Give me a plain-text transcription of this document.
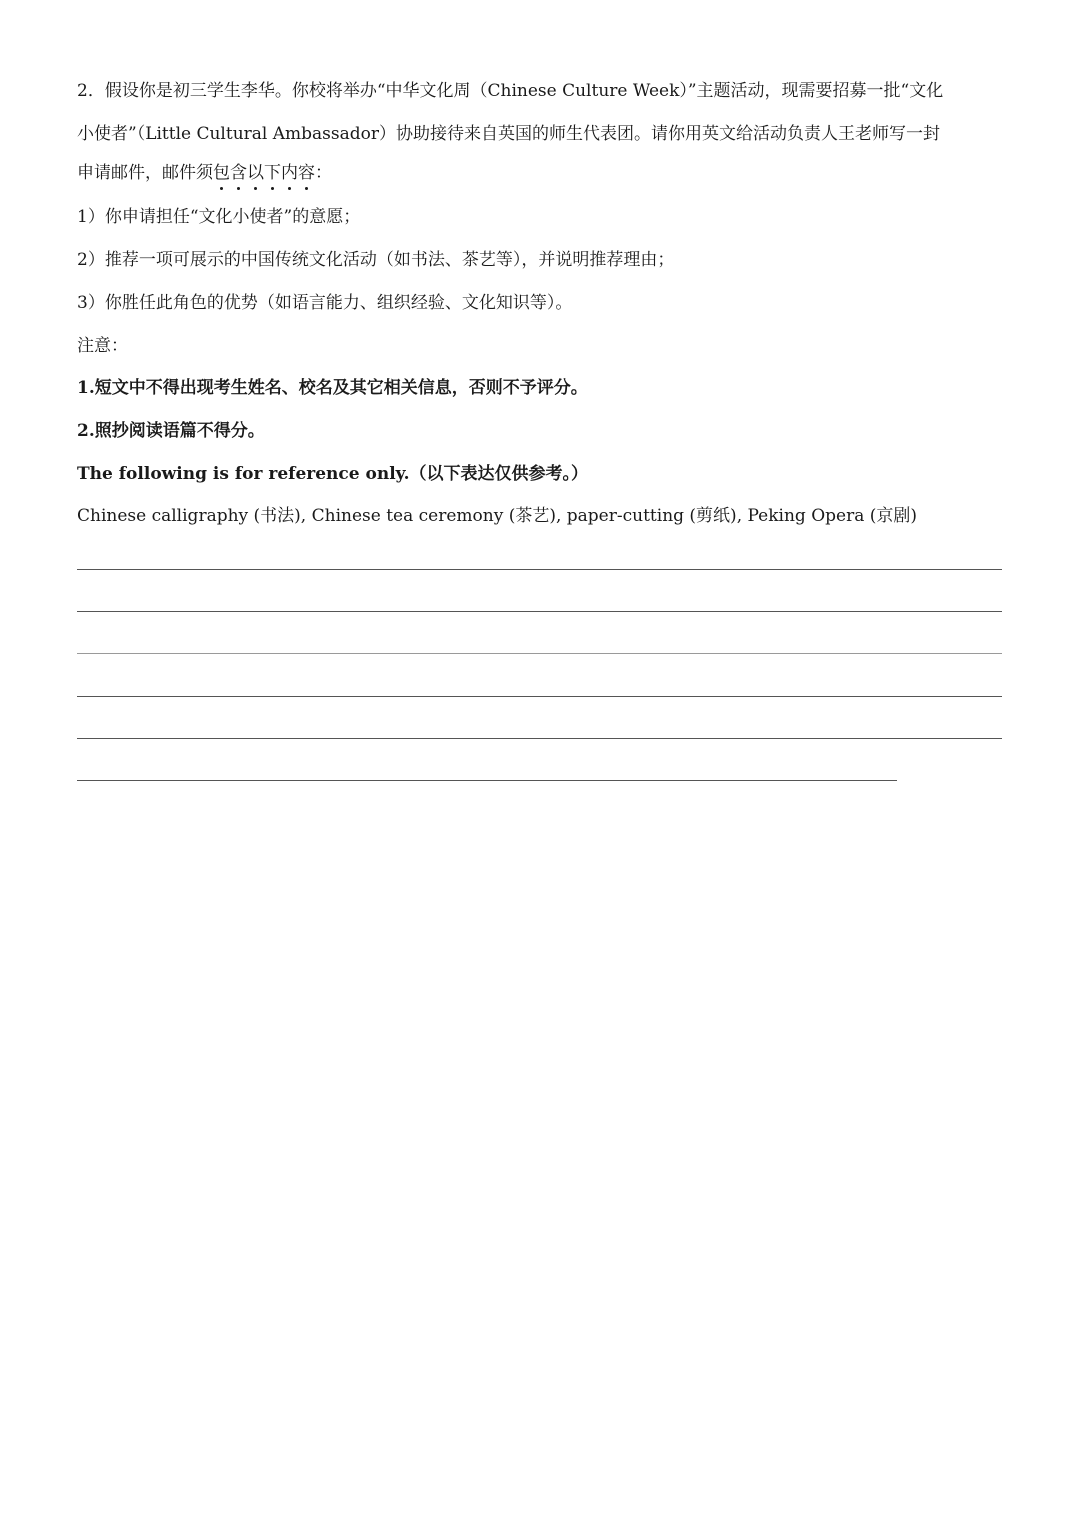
2．假设你是初三学生李华。你校将举办“中华文化周（Chinese Culture Week）”主题活动，现需要招募一批“文化
小使者”（Little Cultural Ambassador）协助接待来自英国的师生代表团。请你用英文给活动负责人王老师写一封
申请邮件，邮件须包含以下内容：
1）你申请担任“文化小使者”的意愿；
2）推荐一项可展示的中国传统文化活动（如书法、茶艺等），并说明推荐理由；
3）你胜任此角色的优势（如语言能力、组织经验、文化知识等）。
注意：
1.短文中不得出现考生姓名、校名及其它相关信息，否则不予评分。
2.照抄阅读语篇不得分。
The following is for reference only.（以下表达仅供参考。）
Chinese calligraphy (书法), Chinese tea ceremony (茶艺), paper-cutting (剪纸), Peking Opera (京剧)
